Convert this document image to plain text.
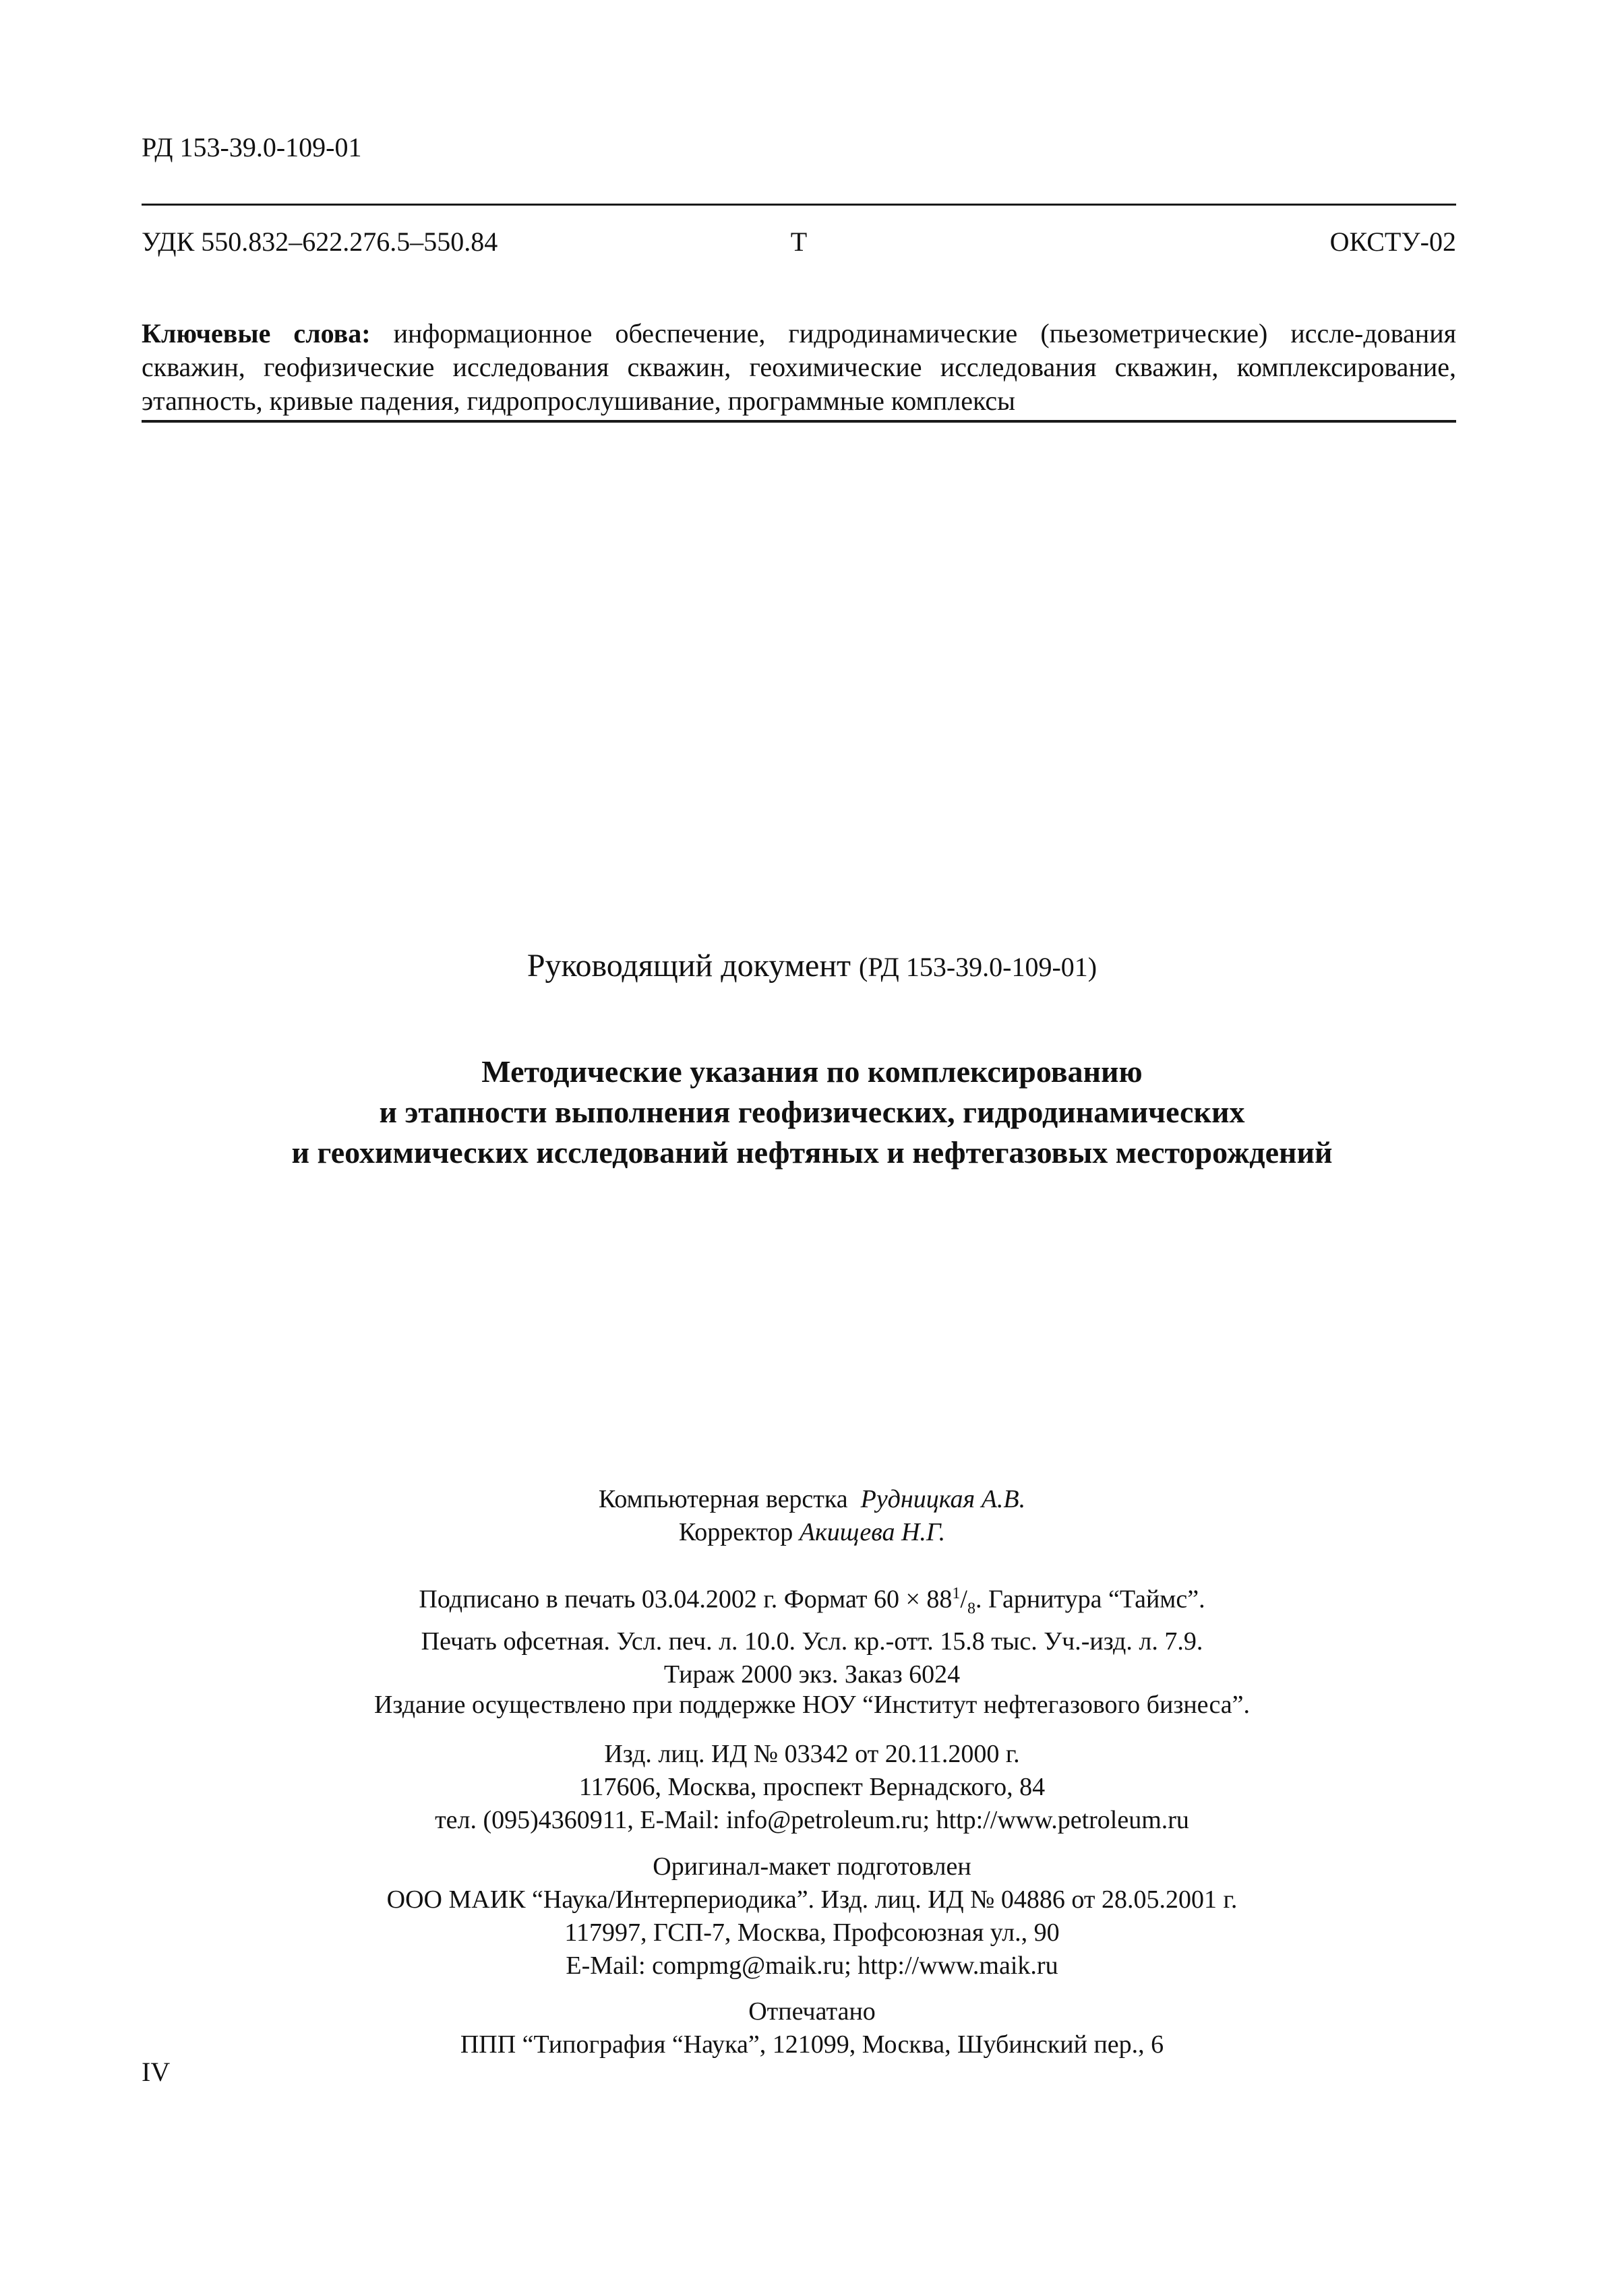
РД 153-39.0-109-01
УДК 550.832–622.276.5–550.84	Т	ОКСТУ-02
Ключевые слова: информационное обеспечение, гидродинамические (пьезометрические) иссле-дования скважин, геофизические исследования скважин, геохимические исследования скважин, комплексирование, этапность, кривые падения, гидропрослушивание, программные комплексы
Руководящий документ (РД 153-39.0-109-01)
Методические указания по комплексированию
и этапности выполнения геофизических, гидродинамических
и геохимических исследований нефтяных и нефтегазовых месторождений
Компьютерная верстка Рудницкая А.В.
Корректор Акищева Н.Г.
Подписано в печать 03.04.2002 г. Формат $60 \times 88^1/_8$. Гарнитура “Таймс”.
Печать офсетная. Усл. печ. л. 10.0. Усл. кр.-отт. 15.8 тыс. Уч.-изд. л. 7.9.
Тираж 2000 экз. Заказ 6024
Издание осуществлено при поддержке НОУ “Институт нефтегазового бизнеса”.
Изд. лиц. ИД № 03342 от 20.11.2000 г.
117606, Москва, проспект Вернадского, 84
тел. (095)4360911, E-Mail: info@petroleum.ru; http://www.petroleum.ru
Оригинал-макет подготовлен
ООО МАИК “Наука/Интерпериодика”. Изд. лиц. ИД № 04886 от 28.05.2001 г.
117997, ГСП-7, Москва, Профсоюзная ул., 90
E-Mail: compmg@maik.ru; http://www.maik.ru
Отпечатано
ППП “Типография “Наука”, 121099, Москва, Шубинский пер., 6
IV
